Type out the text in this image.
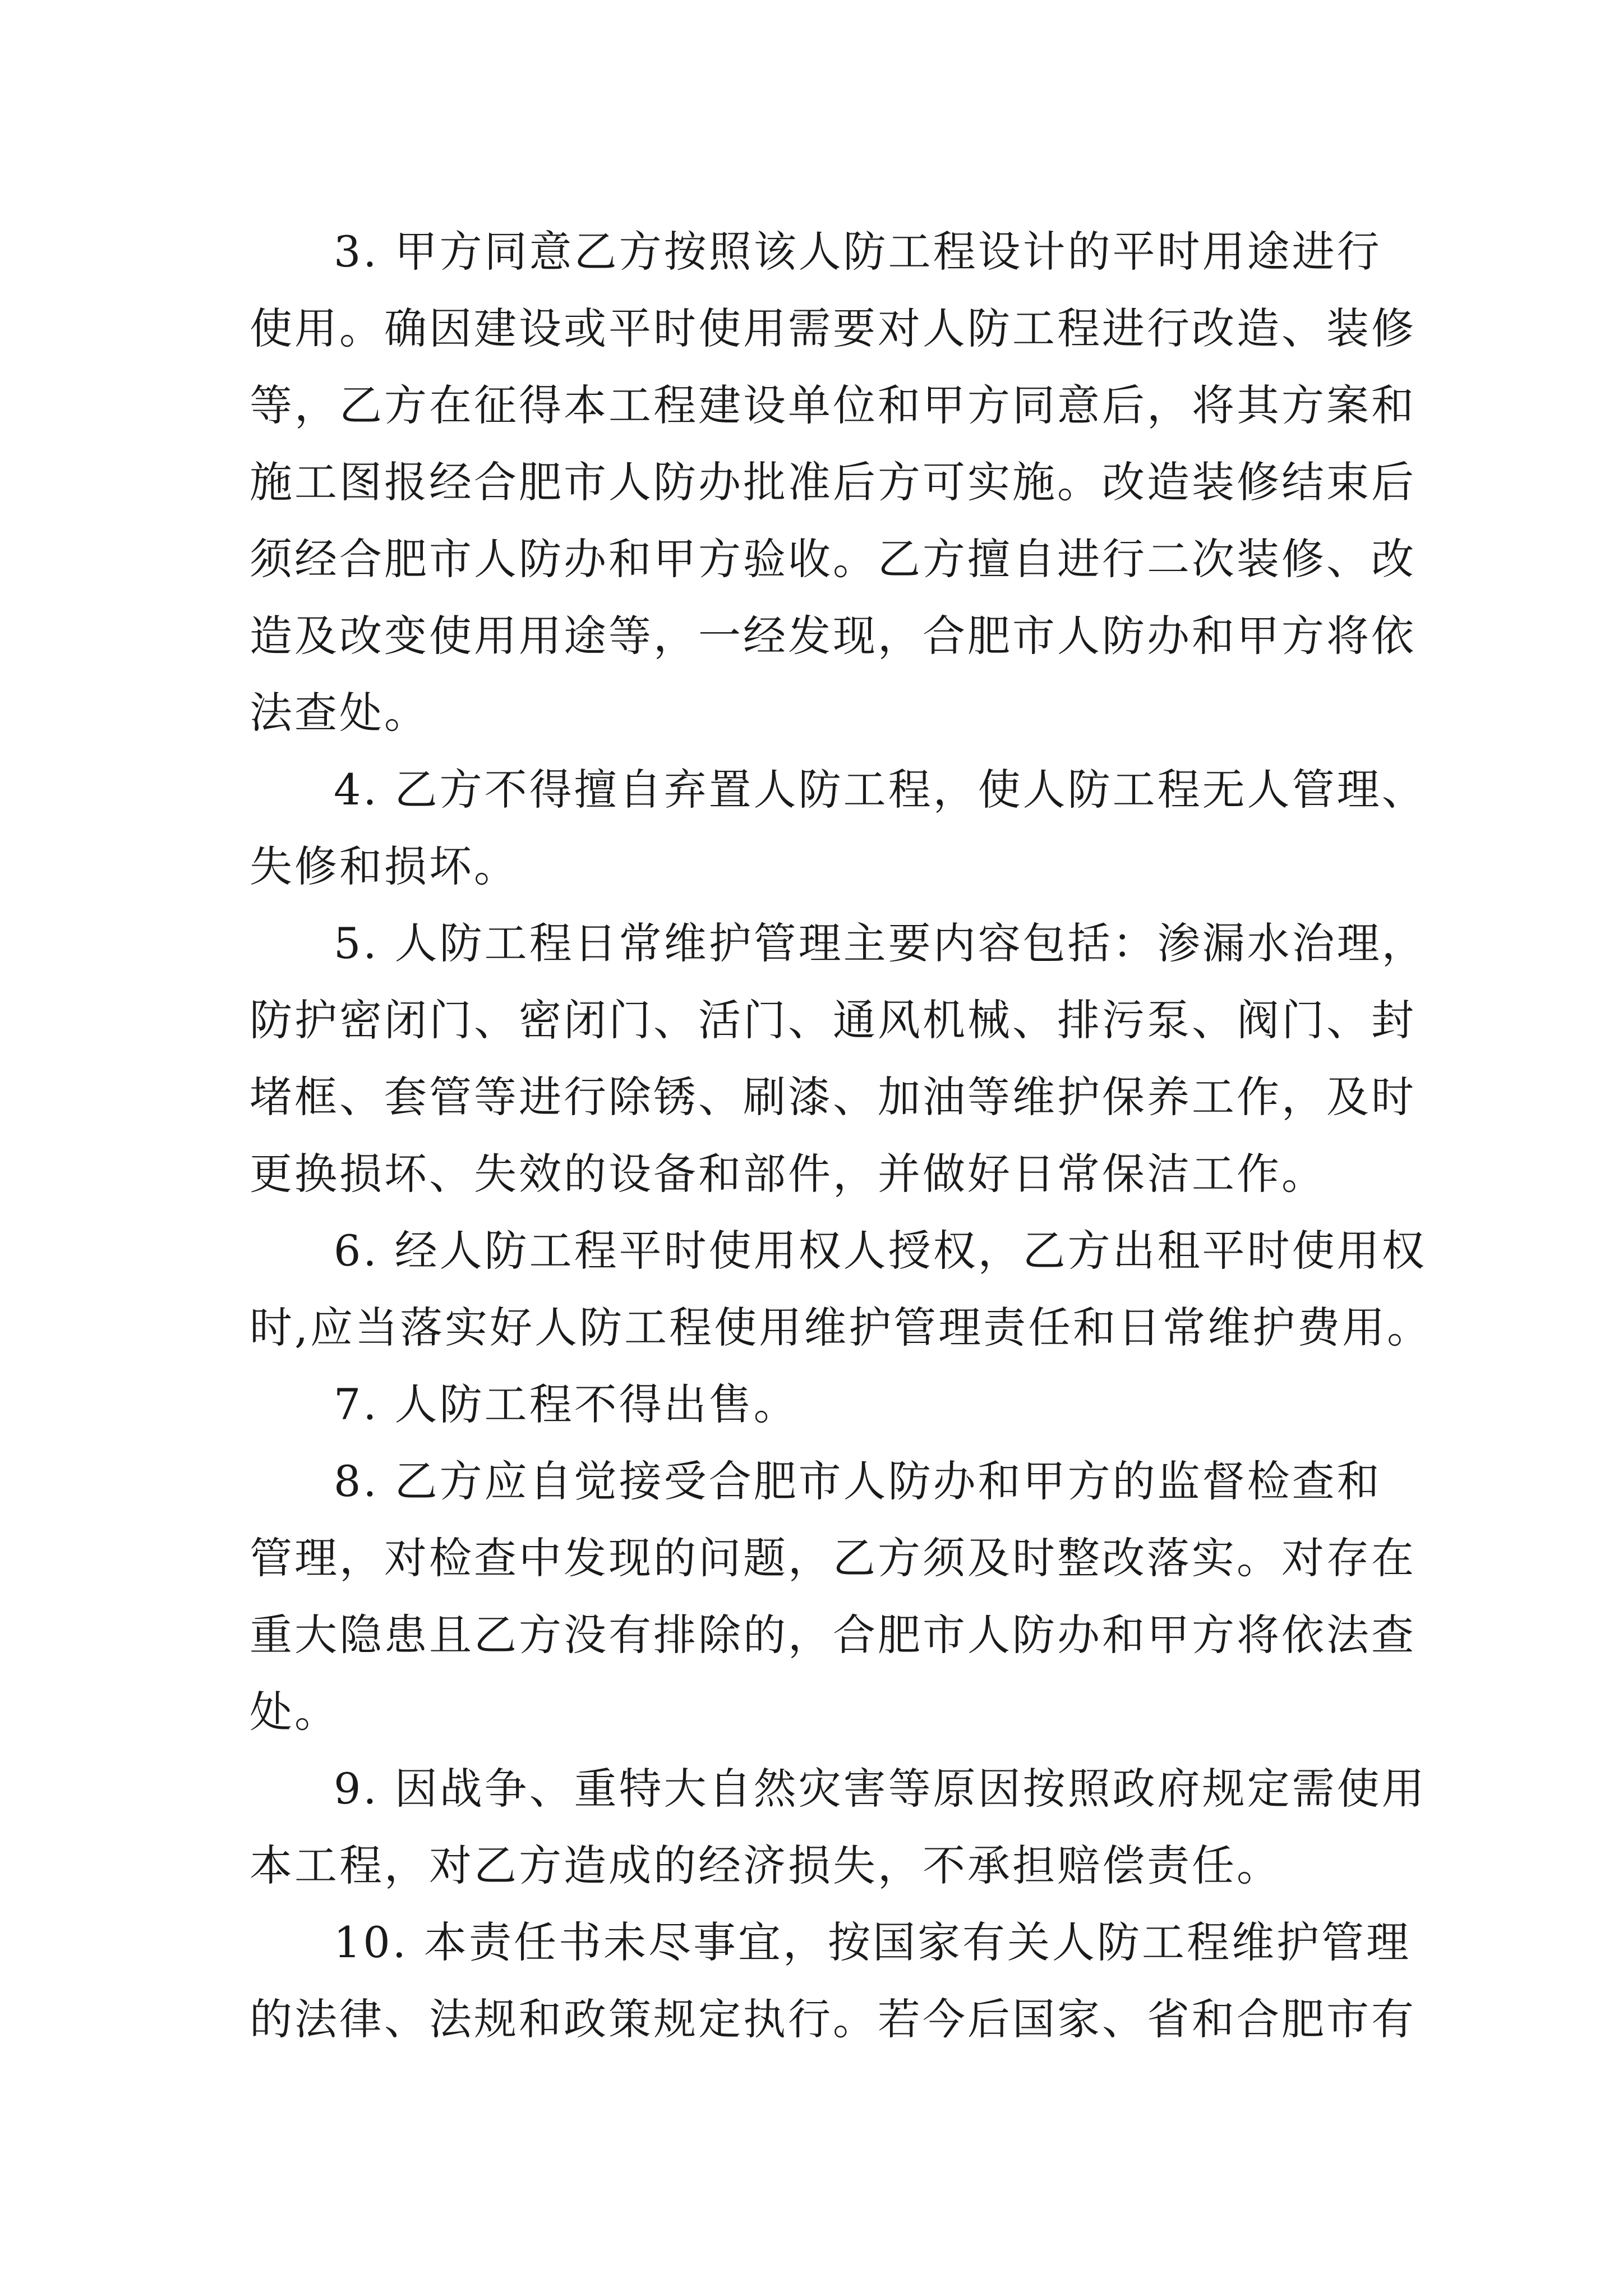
3. 甲方同意乙方按照该人防工程设计的平时用途进行
使用。确因建设或平时使用需要对人防工程进行改造、装修
等，乙方在征得本工程建设单位和甲方同意后，将其方案和
施工图报经合肥市人防办批准后方可实施。改造装修结束后
须经合肥市人防办和甲方验收。乙方擅自进行二次装修、改
造及改变使用用途等，一经发现，合肥市人防办和甲方将依
法查处。
4. 乙方不得擅自弃置人防工程，使人防工程无人管理、
失修和损坏。
5. 人防工程日常维护管理主要内容包括：渗漏水治理，
防护密闭门、密闭门、活门、通风机械、排污泵、阀门、封
堵框、套管等进行除锈、刷漆、加油等维护保养工作，及时
更换损坏、失效的设备和部件，并做好日常保洁工作。
6. 经人防工程平时使用权人授权，乙方出租平时使用权
时,应当落实好人防工程使用维护管理责任和日常维护费用。
7. 人防工程不得出售。
8. 乙方应自觉接受合肥市人防办和甲方的监督检查和
管理，对检查中发现的问题，乙方须及时整改落实。对存在
重大隐患且乙方没有排除的，合肥市人防办和甲方将依法查
处。
9. 因战争、重特大自然灾害等原因按照政府规定需使用
本工程，对乙方造成的经济损失，不承担赔偿责任。
10. 本责任书未尽事宜，按国家有关人防工程维护管理
的法律、法规和政策规定执行。若今后国家、省和合肥市有
